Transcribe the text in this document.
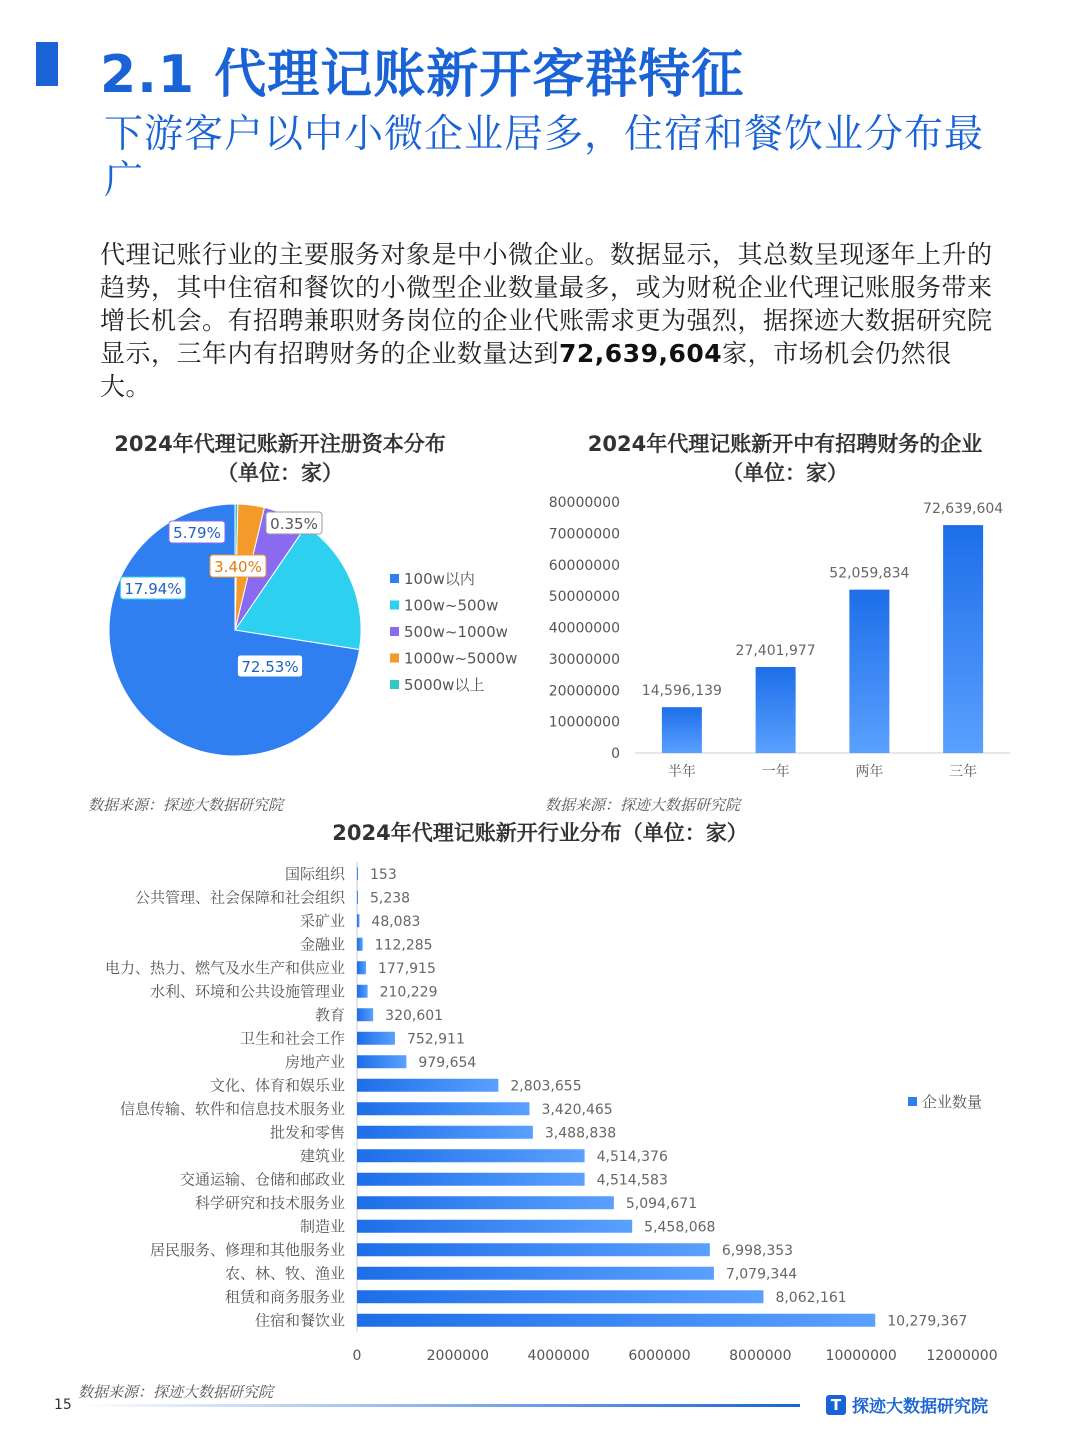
2.1 代理记账新开客群特征
下游客户以中小微企业居多，住宿和餐饮业分布最广
代理记账行业的主要服务对象是中小微企业。数据显示，其总数呈现逐年上升的趋势，其中住宿和餐饮的小微型企业数量最多，或为财税企业代理记账服务带来增长机会。有招聘兼职财务岗位的企业代账需求更为强烈，据探迹大数据研究院显示，三年内有招聘财务的企业数量达到72,639,604家，市场机会仍然很大。
2024年代理记账新开注册资本分布
（单位：家）
72.53%
17.94%
5.79%
3.40%
0.35%
100w以内
100w~500w
500w~1000w
1000w~5000w
5000w以上
数据来源：探迹大数据研究院
2024年代理记账新开中有招聘财务的企业
（单位：家）
0
10000000
20000000
30000000
40000000
50000000
60000000
70000000
80000000
14,596,139
半年
27,401,977
一年
52,059,834
两年
72,639,604
三年
数据来源：探迹大数据研究院
2024年代理记账新开行业分布（单位：家）
153
国际组织
5,238
公共管理、社会保障和社会组织
48,083
采矿业
112,285
金融业
177,915
电力、热力、燃气及水生产和供应业
210,229
水利、环境和公共设施管理业
320,601
教育
752,911
卫生和社会工作
979,654
房地产业
2,803,655
文化、体育和娱乐业
3,420,465
信息传输、软件和信息技术服务业
3,488,838
批发和零售
4,514,376
建筑业
4,514,583
交通运输、仓储和邮政业
5,094,671
科学研究和技术服务业
5,458,068
制造业
6,998,353
居民服务、修理和其他服务业
7,079,344
农、林、牧、渔业
8,062,161
租赁和商务服务业
10,279,367
住宿和餐饮业
0	2000000	4000000	6000000	8000000 10000000 12000000
企业数量
数据来源：探迹大数据研究院
15	T 探迹大数据研究院
